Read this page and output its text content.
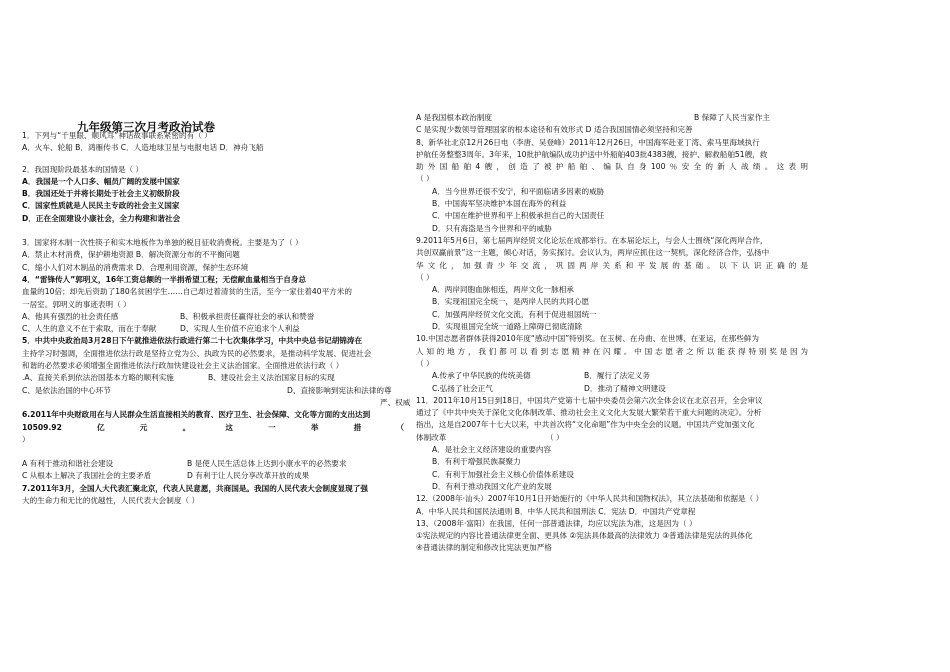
九年级第三次月考政治试卷
1．下列与“千里眼、顺风耳”神话故事联系紧密的有（ ）
A．火车、轮船 B．鸿雁传书 C．人造地球卫星与电报电话 D．神舟飞船
2．我国现阶段最基本的国情是（ ）
A．我国是一个人口多、幅员广阔的发展中国家
B．我国还处于并将长期处于社会主义初级阶段
C．国家性质就是人民民主专政的社会主义国家
D．正在全面建设小康社会，全力构建和谐社会
3．国家将木制一次性筷子和实木地板作为单独的税目征收消费税。主要是为了（ ）
A．禁止木材消费，保护耕地资源 B．解决资源分布的不平衡问题
C．缩小人们对木制品的消费需求 D．合理利用资源，保护生态环境
4．“雷锋传人”郭明义，16年工资总额的一半捐希望工程；无偿献血量相当于自身总
血量的10倍；却先后资助了180名贫困学生……自己却过着清贫的生活，至今一家住着40平方米的
一居室。郭明义的事迹表明（ ）
A、他具有强烈的社会责任感	B、积极承担责任赢得社会的承认和赞誉
C、人生的意义不在于索取，而在于奉献	D、实现人生价值不应追求个人利益
5．中共中央政治局3月28日下午就推进依法行政进行第二十七次集体学习，中共中央总书记胡锦涛在
主持学习时强调，全面推进依法行政是坚持立党为公、执政为民的必然要求，是推动科学发展、促进社会
和谐的必然要求必须增强全面推进依法行政加快建设社会主义法治国家。全面推进依法行政（ ）
.A、直接关系到依法治国基本方略的顺利实施	B、建设社会主义法治国家目标的实现
C、是依法治国的中心环节	D、直接影响到宪法和法律的尊
严、权威
6.2011年中央财政用在与人民群众生活直接相关的教育、医疗卫生、社会保障、文化等方面的支出达到
10509.92亿元。这一举措（
）
A 有利于推动和谐社会建设	B 是使人民生活总体上达到小康水平的必然要求
C 从根本上解决了我国社会的主要矛盾	D 有利于让人民分享改革开放的成果
7.2011年3月，全国人大代表汇聚北京，代表人民意愿，共商国是。我国的人民代表大会制度显现了强
大的生命力和无比的优越性，人民代表大会制度（ ）
A 是我国根本政治制度	B 保障了人民当家作主
C 是实现少数领导管理国家的根本途径和有效形式 D 适合我国国情必须坚持和完善
8、新华社北京12月26日电（李唐、吴登峰）2011年12月26日，中国海军赴亚丁湾、索马里海域执行
护航任务整整3周年。3年来，10批护航编队成功护送中外船舶403批4383艘，接护、解救船舶51艘，救
助外国船舶4艘，创造了被护船舶、编队自身100％安全的新人战绩。这表明
（ ）
A．当今世界还很不安宁，和平面临诸多因素的威胁
B．中国海军坚决维护本国在海外的利益
C．中国在维护世界和平上积极承担自己的大国责任
D．只有海盗是当今世界和平的威胁
9.2011年5月6日，第七届两岸经贸文化论坛在成都举行。在本届论坛上，与会人士围绕“深化两岸合作，
共创双赢前景”这一主题，倾心对话，务实探讨。会议认为，两岸应抓住这一契机，深化经济合作，弘扬中
华文化，加强青少年交流，巩固两岸关系和平发展的基础。以下认识正确的是
（ ）
A．两岸同胞血脉相连，两岸文化一脉相承
B．实现祖国完全统一，是两岸人民的共同心愿
C．加强两岸经贸文化交流，有利于促进祖国统一
D．实现祖国完全统一道路上障碍已彻底清除
10.中国志愿者群体获得2010年度“感动中国”特别奖。在玉树、在舟曲、在世博、在亚运，在那些鲜为
人知的地方，我们都可以看到志愿精神在闪耀。中国志愿者之所以能获得特别奖是因为
（ ）
A.传承了中华民族的传统美德	B．履行了法定义务
C.弘扬了社会正气	D．推动了精神文明建设
11．2011年10月15日到18日，中国共产党第十七届中央委员会第六次全体会议在北京召开，全会审议
通过了《中共中央关于深化文化体制改革、推动社会主义文化大发展大繁荣若干重大问题的决定》。分析
指出，这是自2007年十七大以来，中共首次将“文化命题”作为中央全会的议题。中国共产党加强文化
体制改革	（ ）
A．是社会主义经济建设的重要内容
B．有利于增强民族凝聚力
C．有利于加强社会主义核心价值体系建设
D．有利于推动我国文化产业的发展
12.（2008年·汕头）2007年10月1日开始施行的《中华人民共和国物权法》，其立法基础和依据是（ ）
A．中华人民共和国民法通则 B．中华人民共和国刑法 C．宪法 D．中国共产党章程
13、（2008年·富阳）在我国，任何一部普通法律，均应以宪法为准，这是因为（ ）
①宪法规定的内容比普通法律更全面、更具体 ②宪法具体最高的法律效力 ③普通法律是宪法的具体化
④普通法律的制定和修改比宪法更加严格
